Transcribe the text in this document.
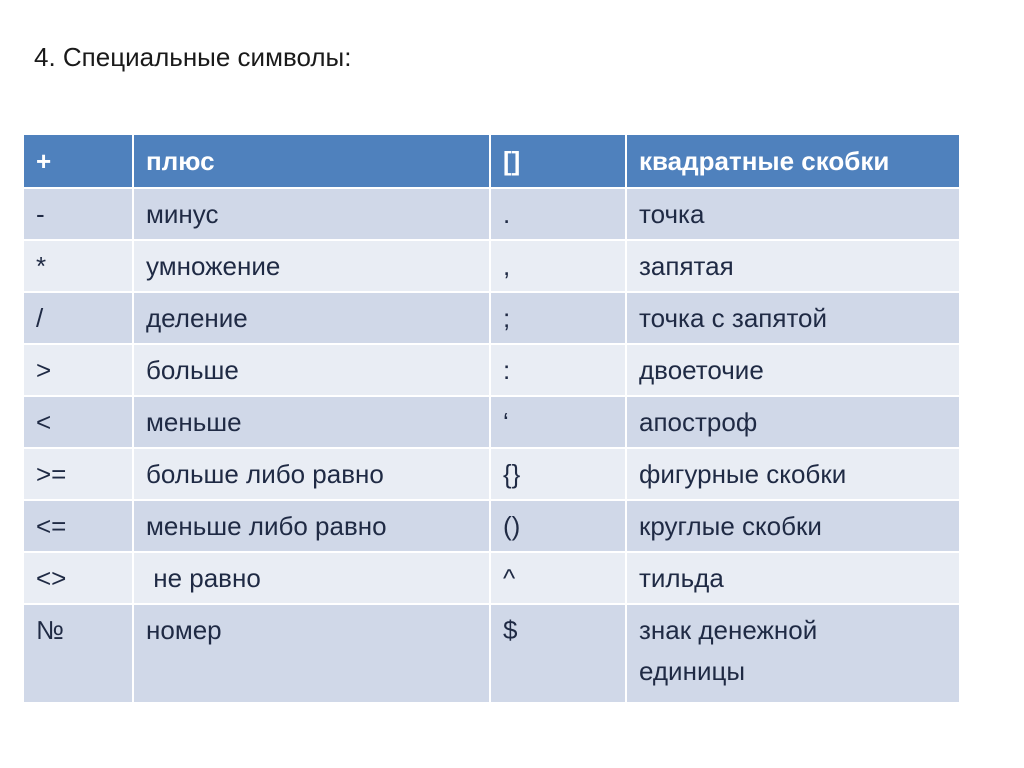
4. Специальные символы:
+	плюс	[]	квадратные скобки
-	минус	.	точка
*	умножение	,	запятая
/	деление	;	точка с запятой
>	больше	:	двоеточие
<	меньше	‘	апостроф
>=	больше либо равно	{}	фигурные скобки
<=	меньше либо равно	()	круглые скобки
<>	не равно	^	тильда
№	номер	$	знак денежной единицы
